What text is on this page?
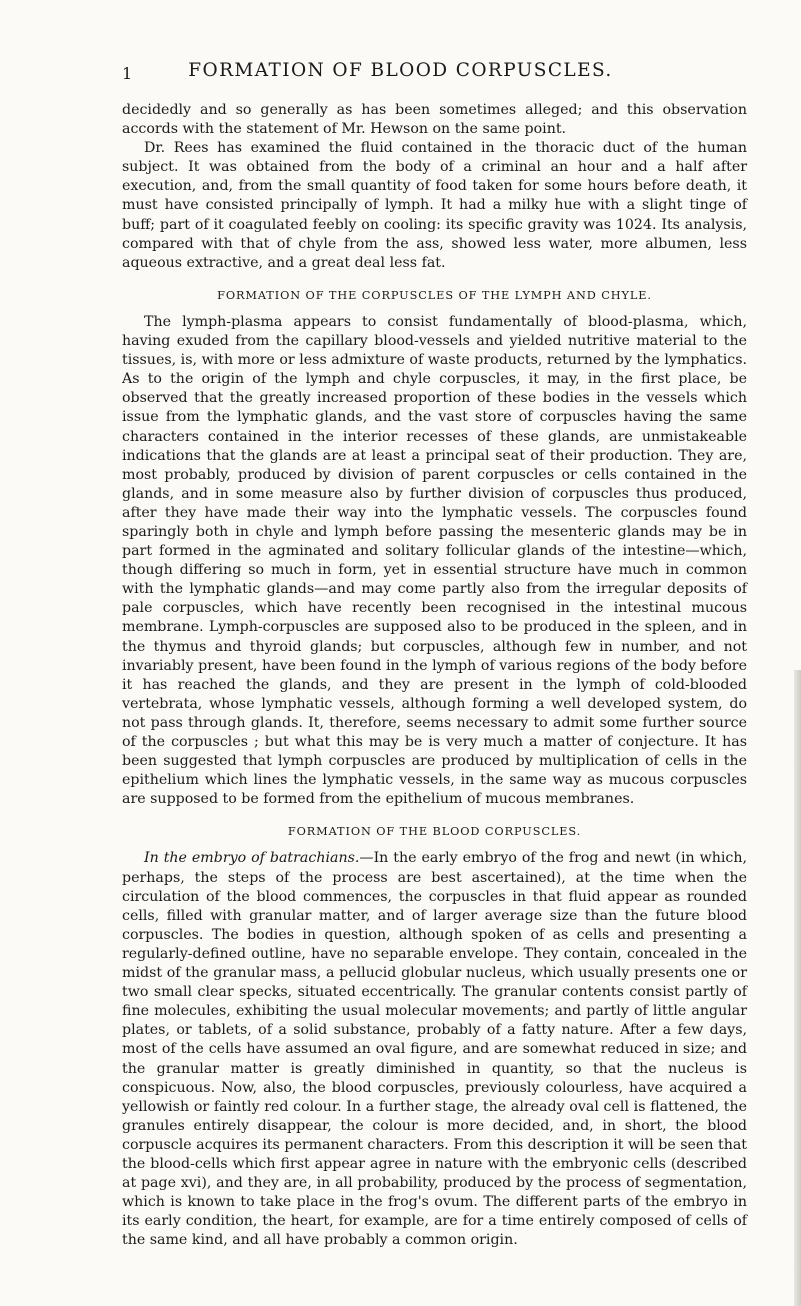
1	FORMATION OF BLOOD CORPUSCLES.

decidedly and so generally as has been sometimes alleged; and this observation accords with the statement of Mr. Hewson on the same point.

Dr. Rees has examined the fluid contained in the thoracic duct of the human subject. It was obtained from the body of a criminal an hour and a half after execution, and, from the small quantity of food taken for some hours before death, it must have consisted principally of lymph. It had a milky hue with a slight tinge of buff; part of it coagulated feebly on cooling: its specific gravity was 1024. Its analysis, compared with that of chyle from the ass, showed less water, more albumen, less aqueous extractive, and a great deal less fat.

FORMATION OF THE CORPUSCLES OF THE LYMPH AND CHYLE.

The lymph-plasma appears to consist fundamentally of blood-plasma, which, having exuded from the capillary blood-vessels and yielded nutritive material to the tissues, is, with more or less admixture of waste products, returned by the lymphatics. As to the origin of the lymph and chyle corpuscles, it may, in the first place, be observed that the greatly increased proportion of these bodies in the vessels which issue from the lymphatic glands, and the vast store of corpuscles having the same characters contained in the interior recesses of these glands, are unmistakeable indications that the glands are at least a principal seat of their production. They are, most probably, produced by division of parent corpuscles or cells contained in the glands, and in some measure also by further division of corpuscles thus produced, after they have made their way into the lymphatic vessels. The corpuscles found sparingly both in chyle and lymph before passing the mesenteric glands may be in part formed in the agminated and solitary follicular glands of the intestine—which, though differing so much in form, yet in essential structure have much in common with the lymphatic glands—and may come partly also from the irregular deposits of pale corpuscles, which have recently been recognised in the intestinal mucous membrane. Lymph-corpuscles are supposed also to be produced in the spleen, and in the thymus and thyroid glands; but corpuscles, although few in number, and not invariably present, have been found in the lymph of various regions of the body before it has reached the glands, and they are present in the lymph of cold-blooded vertebrata, whose lymphatic vessels, although forming a well developed system, do not pass through glands. It, therefore, seems necessary to admit some further source of the corpuscles ; but what this may be is very much a matter of conjecture. It has been suggested that lymph corpuscles are produced by multiplication of cells in the epithelium which lines the lymphatic vessels, in the same way as mucous corpuscles are supposed to be formed from the epithelium of mucous membranes.

FORMATION OF THE BLOOD CORPUSCLES.

In the embryo of batrachians.—In the early embryo of the frog and newt (in which, perhaps, the steps of the process are best ascertained), at the time when the circulation of the blood commences, the corpuscles in that fluid appear as rounded cells, filled with granular matter, and of larger average size than the future blood corpuscles. The bodies in question, although spoken of as cells and presenting a regularly-defined outline, have no separable envelope. They contain, concealed in the midst of the granular mass, a pellucid globular nucleus, which usually presents one or two small clear specks, situated eccentrically. The granular contents consist partly of fine molecules, exhibiting the usual molecular movements; and partly of little angular plates, or tablets, of a solid substance, probably of a fatty nature. After a few days, most of the cells have assumed an oval figure, and are somewhat reduced in size; and the granular matter is greatly diminished in quantity, so that the nucleus is conspicuous. Now, also, the blood corpuscles, previously colourless, have acquired a yellowish or faintly red colour. In a further stage, the already oval cell is flattened, the granules entirely disappear, the colour is more decided, and, in short, the blood corpuscle acquires its permanent characters. From this description it will be seen that the blood-cells which first appear agree in nature with the embryonic cells (described at page xvi), and they are, in all probability, produced by the process of segmentation, which is known to take place in the frog's ovum. The different parts of the embryo in its early condition, the heart, for example, are for a time entirely composed of cells of the same kind, and all have probably a common origin.
